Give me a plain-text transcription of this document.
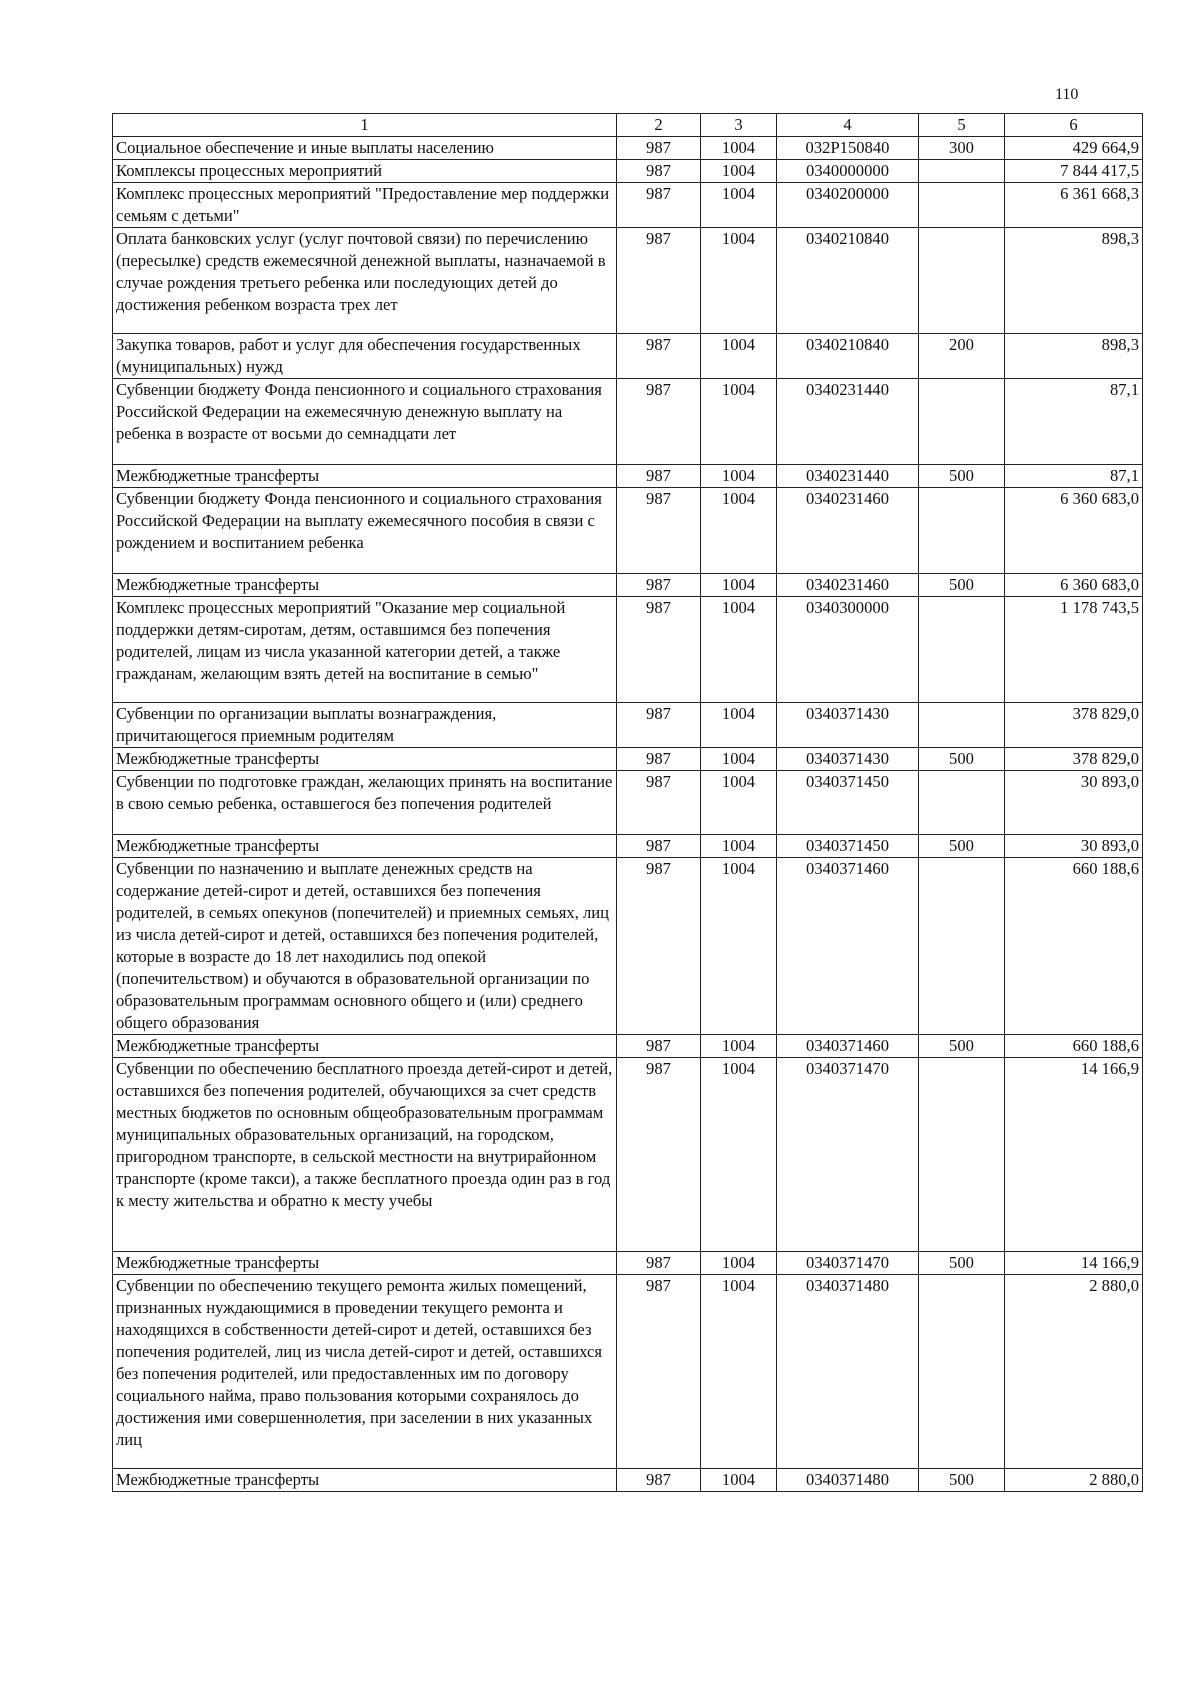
110
1	2	3	4	5	6
Социальное обеспечение и иные выплаты населению	987	1004	032P150840	300	429 664,9
Комплексы процессных мероприятий	987	1004	0340000000		7 844 417,5
Комплекс процессных мероприятий "Предоставление мер поддержки семьям с детьми"	987	1004	0340200000		6 361 668,3
Оплата банковских услуг (услуг почтовой связи) по перечислению (пересылке) средств ежемесячной денежной выплаты, назначаемой в случае рождения третьего ребенка или последующих детей до достижения ребенком возраста трех лет	987	1004	0340210840		898,3
Закупка товаров, работ и услуг для обеспечения государственных (муниципальных) нужд	987	1004	0340210840	200	898,3
Субвенции бюджету Фонда пенсионного и социального страхования Российской Федерации на ежемесячную денежную выплату на ребенка в возрасте от восьми до семнадцати лет	987	1004	0340231440		87,1
Межбюджетные трансферты	987	1004	0340231440	500	87,1
Субвенции бюджету Фонда пенсионного и социального страхования Российской Федерации на выплату ежемесячного пособия в связи с рождением и воспитанием ребенка	987	1004	0340231460		6 360 683,0
Межбюджетные трансферты	987	1004	0340231460	500	6 360 683,0
Комплекс процессных мероприятий "Оказание мер социальной поддержки детям-сиротам, детям, оставшимся без попечения родителей, лицам из числа указанной категории детей, а также гражданам, желающим взять детей на воспитание в семью"	987	1004	0340300000		1 178 743,5
Субвенции по организации выплаты вознаграждения, причитающегося приемным родителям	987	1004	0340371430		378 829,0
Межбюджетные трансферты	987	1004	0340371430	500	378 829,0
Субвенции по подготовке граждан, желающих принять на воспитание в свою семью ребенка, оставшегося без попечения родителей	987	1004	0340371450		30 893,0
Межбюджетные трансферты	987	1004	0340371450	500	30 893,0
Субвенции по назначению и выплате денежных средств на содержание детей-сирот и детей, оставшихся без попечения родителей, в семьях опекунов (попечителей) и приемных семьях, лиц из числа детей-сирот и детей, оставшихся без попечения родителей, которые в возрасте до 18 лет находились под опекой (попечительством) и обучаются в образовательной организации по образовательным программам основного общего и (или) среднего общего образования	987	1004	0340371460		660 188,6
Межбюджетные трансферты	987	1004	0340371460	500	660 188,6
Субвенции по обеспечению бесплатного проезда детей-сирот и детей, оставшихся без попечения родителей, обучающихся за счет средств местных бюджетов по основным общеобразовательным программам муниципальных образовательных организаций, на городском, пригородном транспорте, в сельской местности на внутрирайонном транспорте (кроме такси), а также бесплатного проезда один раз в год к месту жительства и обратно к месту учебы	987	1004	0340371470		14 166,9
Межбюджетные трансферты	987	1004	0340371470	500	14 166,9
Субвенции по обеспечению текущего ремонта жилых помещений, признанных нуждающимися в проведении текущего ремонта и находящихся в собственности детей-сирот и детей, оставшихся без попечения родителей, лиц из числа детей-сирот и детей, оставшихся без попечения родителей, или предоставленных им по договору социального найма, право пользования которыми сохранялось до достижения ими совершеннолетия, при заселении в них указанных лиц	987	1004	0340371480		2 880,0
Межбюджетные трансферты	987	1004	0340371480	500	2 880,0
